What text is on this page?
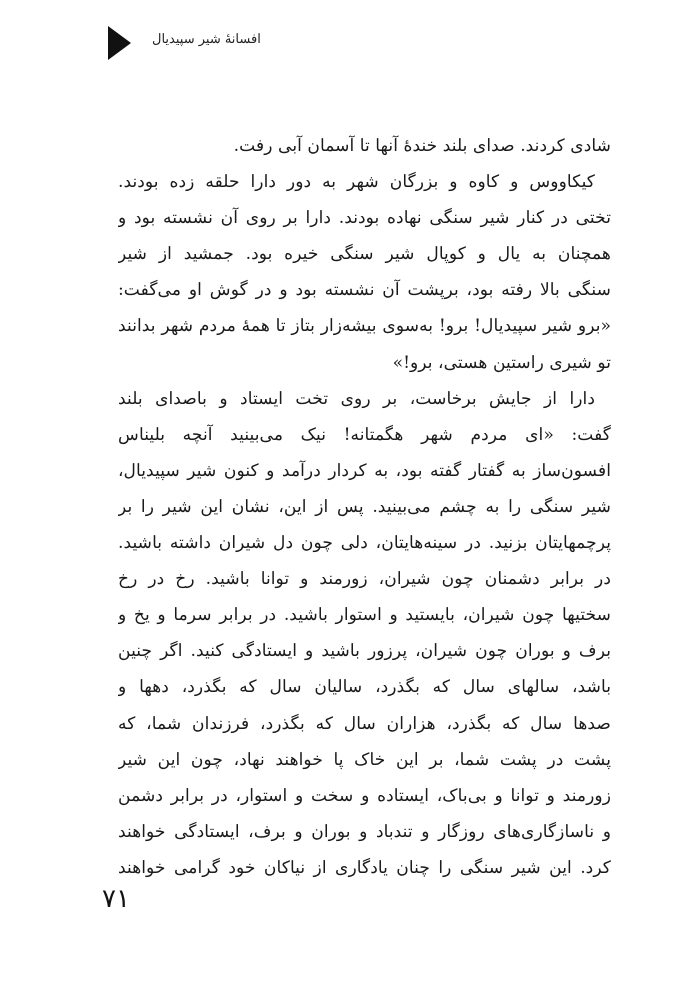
افسانهٔ شیر سپیدیال
شادی کردند. صدای بلند خندهٔ آنها تا آسمان آبی رفت.
کیکاووس و کاوه و بزرگان شهر به دور دارا حلقه زده بودند.
تختی در کنار شیر سنگی نهاده بودند. دارا بر روی آن نشسته بود و
همچنان به یال و کوپال شیر سنگی خیره بود. جمشید از شیر
سنگی بالا رفته بود، برپشت آن نشسته بود و در گوش او می‌گفت:
«برو شیر سپیدیال! برو! به‌سوی بیشه‌زار بتاز تا همهٔ مردم شهر بدانند
تو شیری راستین هستی، برو!»
دارا از جایش برخاست، بر روی تخت ایستاد و باصدای بلند
گفت: «ای مردم شهر هگمتانه! نیک می‌بینید آنچه بلیناس
افسون‌ساز به گفتار گفته بود، به کردار درآمد و کنون شیر سپیدیال،
شیر سنگی را به چشم می‌بینید. پس از این، نشان این شیر را بر
پرچمهایتان بزنید. در سینه‌هایتان، دلی چون دل شیران داشته باشید.
در برابر دشمنان چون شیران، زورمند و توانا باشید. رخ در رخ
سختیها چون شیران، بایستید و استوار باشید. در برابر سرما و یخ و
برف و بوران چون شیران، پرزور باشید و ایستادگی کنید. اگر چنین
باشد، سالهای سال که بگذرد، سالیان سال که بگذرد، دهها و
صدها سال که بگذرد، هزاران سال که بگذرد، فرزندان شما، که
پشت در پشت شما، بر این خاک پا خواهند نهاد، چون این شیر
زورمند و توانا و بی‌باک، ایستاده و سخت و استوار، در برابر دشمن
و ناسازگاری‌های روزگار و تندباد و بوران و برف، ایستادگی خواهند
کرد. این شیر سنگی را چنان یادگاری از نیاکان خود گرامی خواهند
۷۱
